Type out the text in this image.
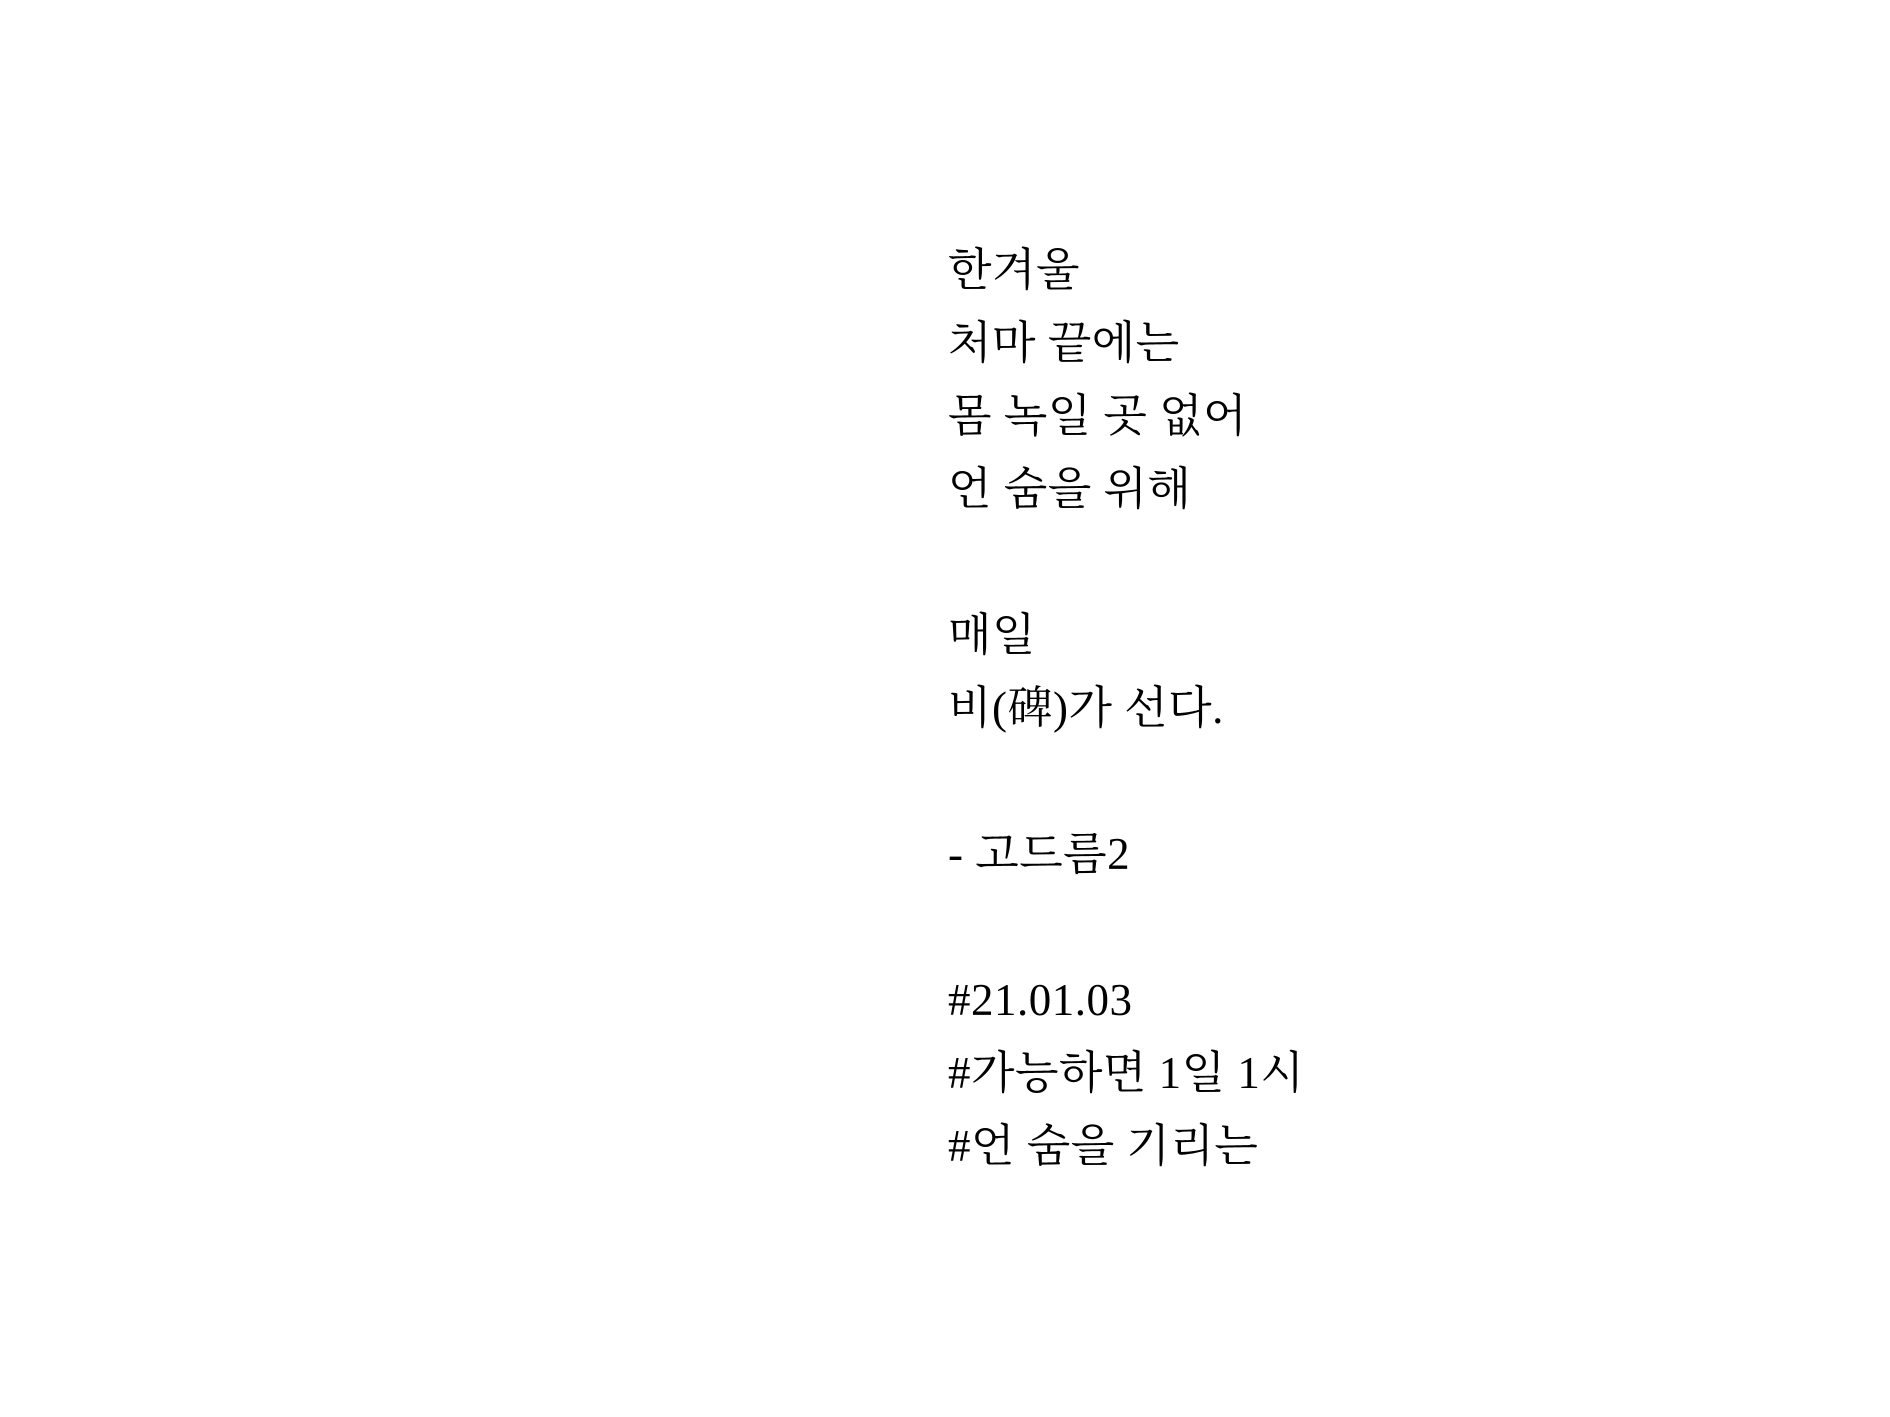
한겨울

처마 끝에는

몸 녹일 곳 없어

언 숨을 위해

매일

비(碑)가 선다.

- 고드름2

#21.01.03

#가능하면 1일 1시

#언 숨을 기리는
